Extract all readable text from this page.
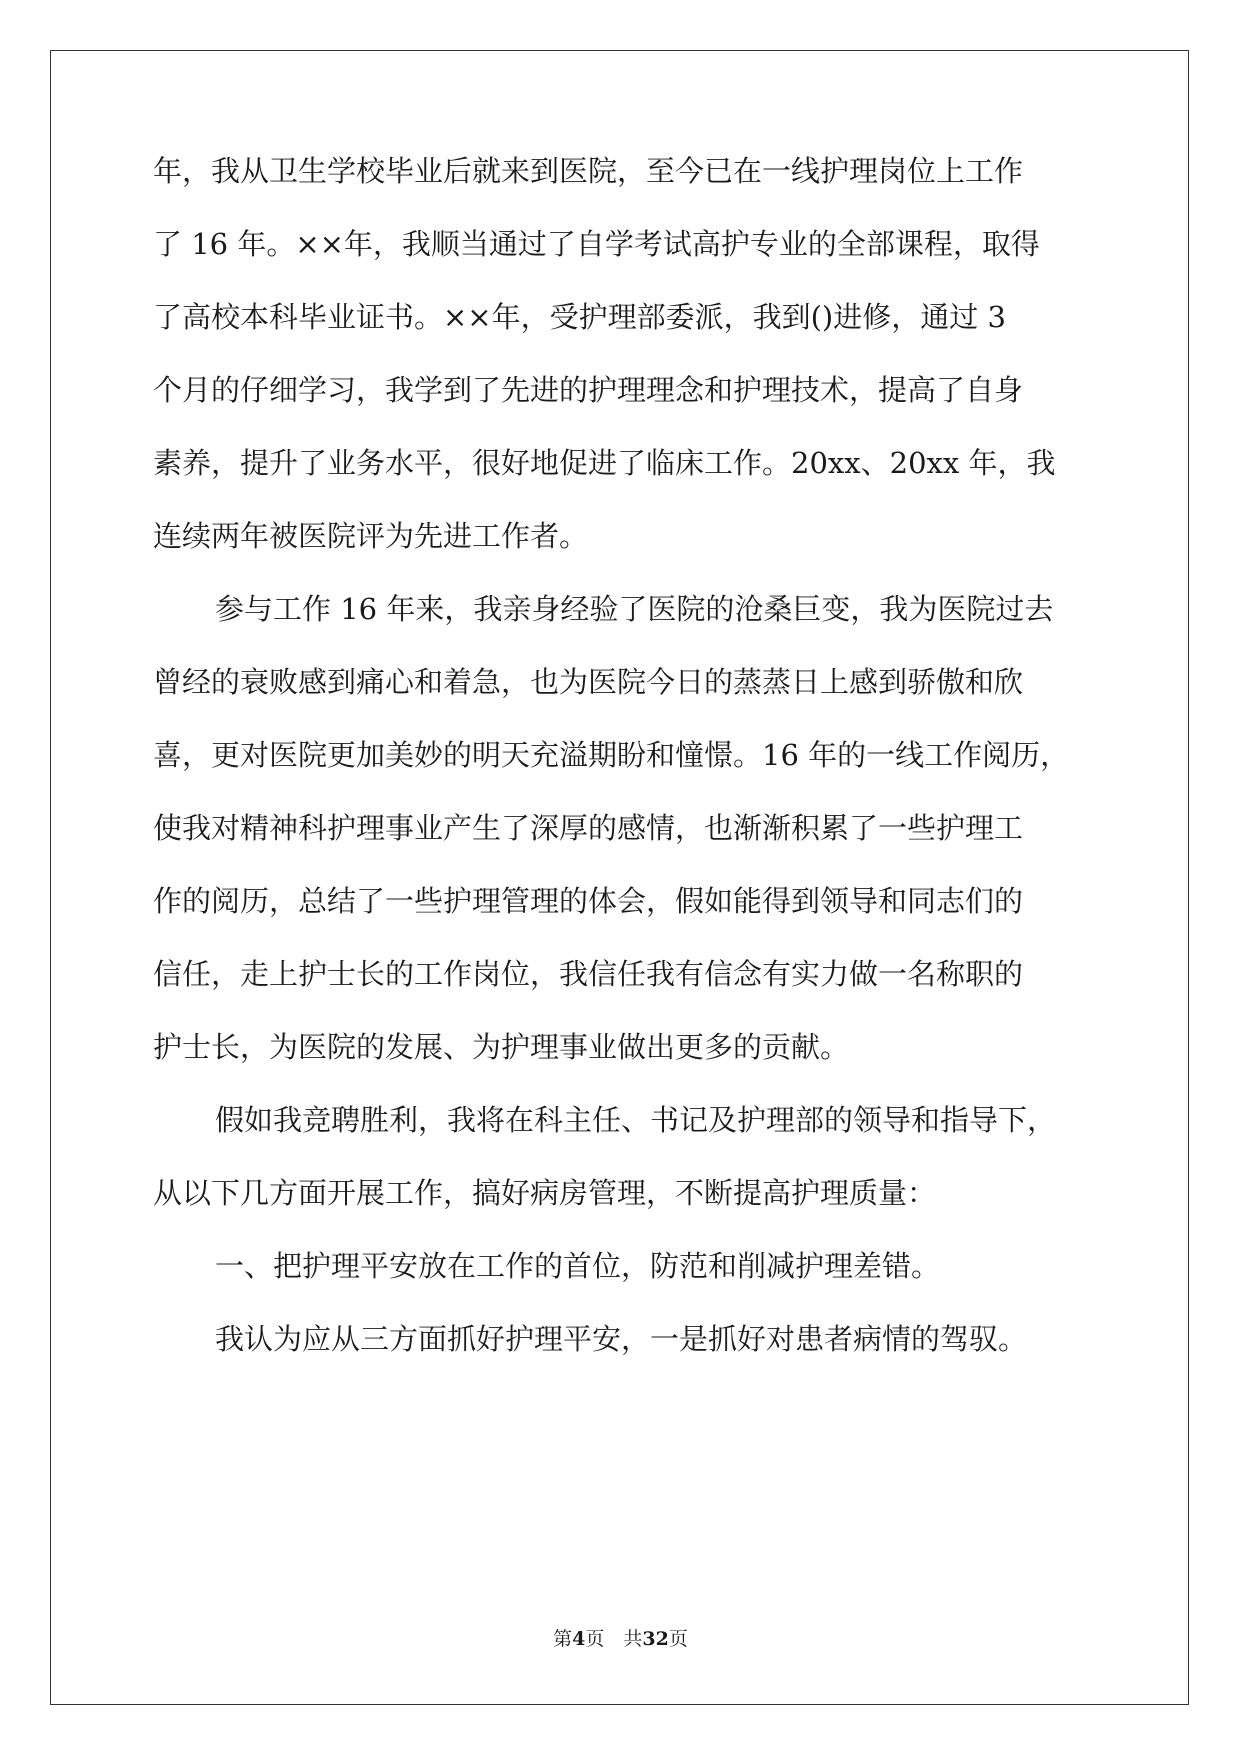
年，我从卫生学校毕业后就来到医院，至今已在一线护理岗位上工作
了 16 年。××年，我顺当通过了自学考试高护专业的全部课程，取得
了高校本科毕业证书。××年，受护理部委派，我到()进修，通过 3
个月的仔细学习，我学到了先进的护理理念和护理技术，提高了自身
素养，提升了业务水平，很好地促进了临床工作。20xx、20xx 年，我
连续两年被医院评为先进工作者。
参与工作 16 年来，我亲身经验了医院的沧桑巨变，我为医院过去
曾经的衰败感到痛心和着急，也为医院今日的蒸蒸日上感到骄傲和欣
喜，更对医院更加美妙的明天充溢期盼和憧憬。16 年的一线工作阅历，
使我对精神科护理事业产生了深厚的感情，也渐渐积累了一些护理工
作的阅历，总结了一些护理管理的体会，假如能得到领导和同志们的
信任，走上护士长的工作岗位，我信任我有信念有实力做一名称职的
护士长，为医院的发展、为护理事业做出更多的贡献。
假如我竞聘胜利，我将在科主任、书记及护理部的领导和指导下，
从以下几方面开展工作，搞好病房管理，不断提高护理质量：
一、把护理平安放在工作的首位，防范和削减护理差错。
我认为应从三方面抓好护理平安，一是抓好对患者病情的驾驭。
第4页　共32页
